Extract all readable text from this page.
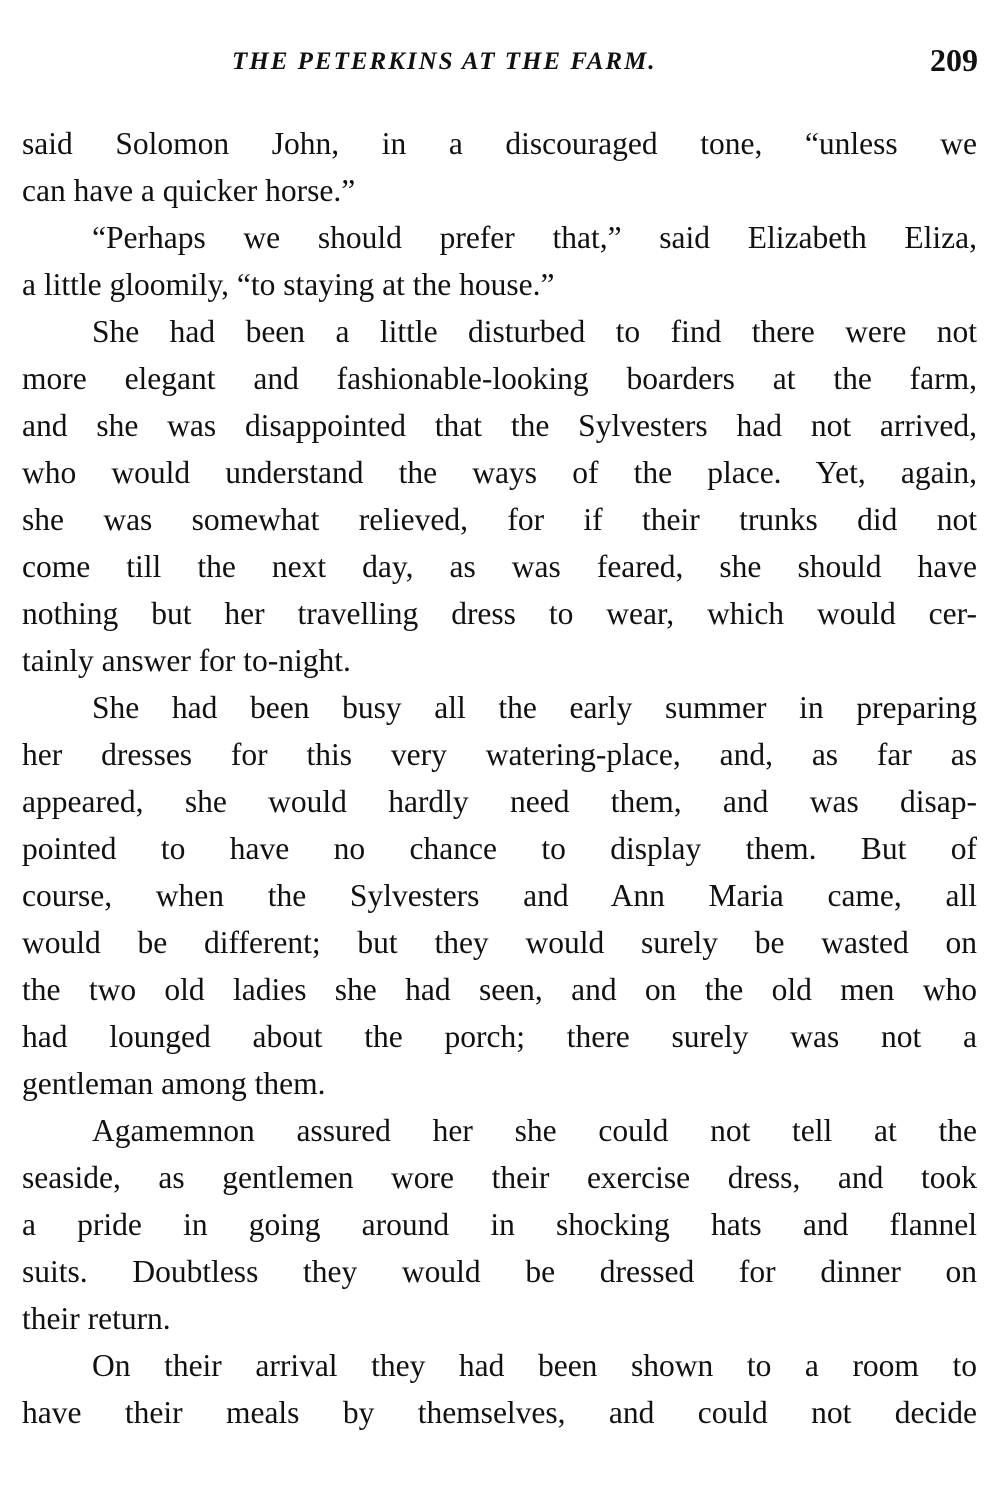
THE PETERKINS AT THE FARM.	209
said Solomon John, in a discouraged tone, “unless we
can have a quicker horse.”
“Perhaps we should prefer that,” said Elizabeth Eliza,
a little gloomily, “to staying at the house.”
She had been a little disturbed to find there were not
more elegant and fashionable-looking boarders at the farm,
and she was disappointed that the Sylvesters had not arrived,
who would understand the ways of the place. Yet, again,
she was somewhat relieved, for if their trunks did not
come till the next day, as was feared, she should have
nothing but her travelling dress to wear, which would cer-
tainly answer for to-night.
She had been busy all the early summer in preparing
her dresses for this very watering-place, and, as far as
appeared, she would hardly need them, and was disap-
pointed to have no chance to display them. But of
course, when the Sylvesters and Ann Maria came, all
would be different; but they would surely be wasted on
the two old ladies she had seen, and on the old men who
had lounged about the porch; there surely was not a
gentleman among them.
Agamemnon assured her she could not tell at the
seaside, as gentlemen wore their exercise dress, and took
a pride in going around in shocking hats and flannel
suits. Doubtless they would be dressed for dinner on
their return.
On their arrival they had been shown to a room to
have their meals by themselves, and could not decide
